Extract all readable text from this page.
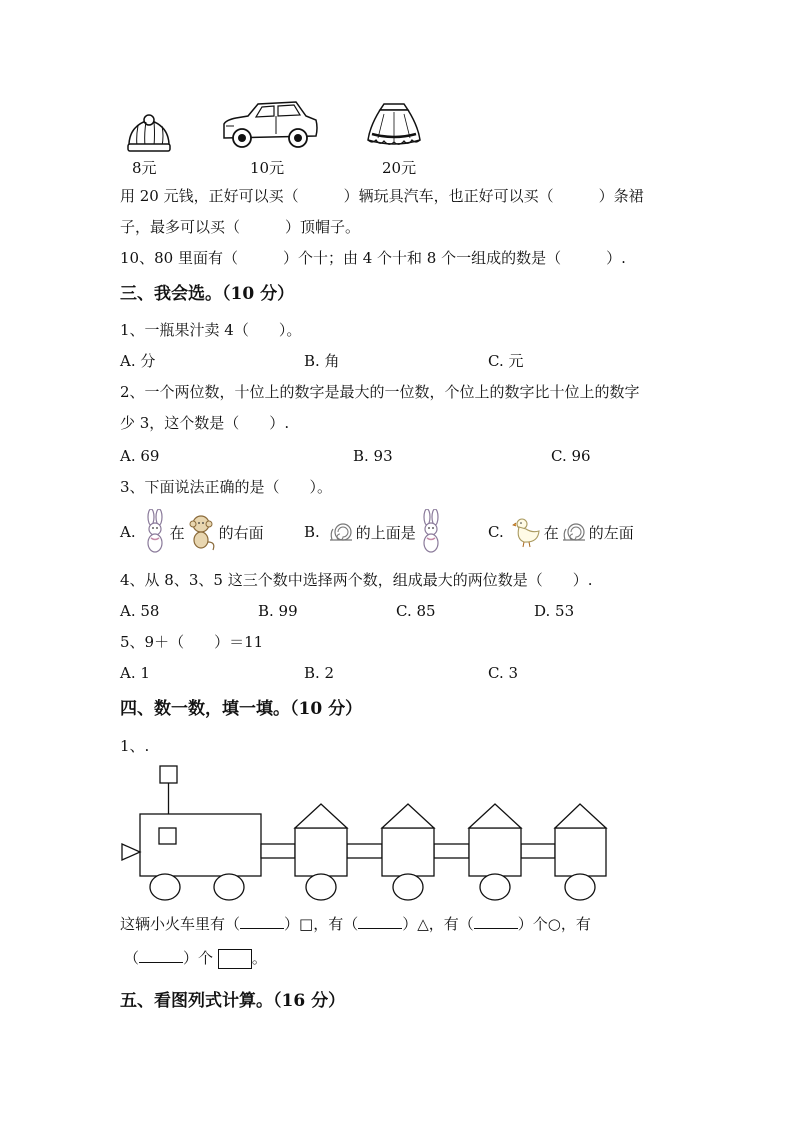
8元	10元	20元
用 20 元钱，正好可以买（　　　）辆玩具汽车，也正好可以买（　　　）条裙
子，最多可以买（　　　）顶帽子。
10、80 里面有（　　　）个十；由 4 个十和 8 个一组成的数是（　　　）.
三、我会选。（10 分）
1、一瓶果汁卖 4（　　）。
A. 分	B. 角	C. 元
2、一个两位数，十位上的数字是最大的一位数，个位上的数字比十位上的数字
少 3，这个数是（　　）.
A. 69	B. 93	C. 96
3、下面说法正确的是（　　）。
A. 在 的右面	B. 的上面是	C.	在 的左面
4、从 8、3、5 这三个数中选择两个数，组成最大的两位数是（　　）.
A. 58	B. 99	C. 85	D. 53
5、9＋（　　）＝11
A. 1	B. 2	C. 3
四、数一数，填一填。（10 分）
1、.
这辆小火车里有（	）□，有（	）△，有（	）个○，有
（	）个	。
五、看图列式计算。（16 分）
